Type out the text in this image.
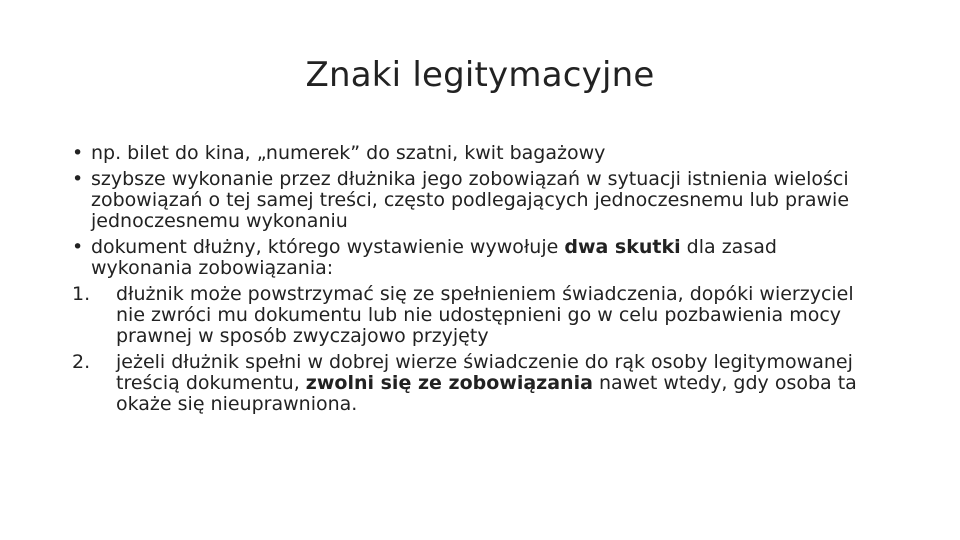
Znaki legitymacyjne
• np. bilet do kina, „numerek” do szatni, kwit bagażowy

• szybsze wykonanie przez dłużnika jego zobowiązań w sytuacji istnienia wielości zobowiązań o tej samej treści, często podlegających jednoczesnemu lub prawie jednoczesnemu wykonaniu

• dokument dłużny, którego wystawienie wywołuje dwa skutki dla zasad wykonania zobowiązania:

1. dłużnik może powstrzymać się ze spełnieniem świadczenia, dopóki wierzyciel nie zwróci mu dokumentu lub nie udostępnieni go w celu pozbawienia mocy prawnej w sposób zwyczajowo przyjęty

2. jeżeli dłużnik spełni w dobrej wierze świadczenie do rąk osoby legitymowanej treścią dokumentu, zwolni się ze zobowiązania nawet wtedy, gdy osoba ta okaże się nieuprawniona.
